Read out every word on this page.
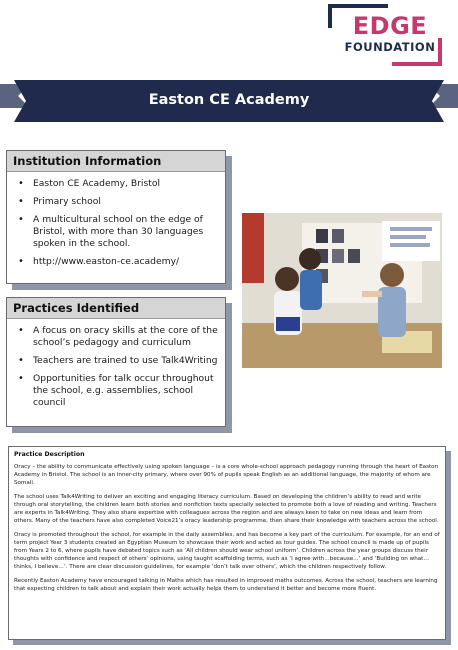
EDGE
FOUNDATION
Easton CE Academy
Institution Information
• Easton CE Academy, Bristol
• Primary school
• A multicultural school on the edge of Bristol, with more than 30 languages spoken in the school.
• http://www.easton-ce.academy/
Practices Identified
• A focus on oracy skills at the core of the school’s pedagogy and curriculum
• Teachers are trained to use Talk4Writing
• Opportunities for talk occur throughout the school, e.g. assemblies, school council
Practice Description

Oracy – the ability to communicate effectively using spoken language – is a core whole-school approach pedagogy running through the heart of Easton Academy in Bristol. The school is an inner-city primary, where over 90% of pupils speak English as an additional language, the majority of whom are Somali.

The school uses Talk4Writing to deliver an exciting and engaging literacy curriculum. Based on developing the children’s ability to read and write through oral storytelling, the children learn both stories and nonfiction texts specially selected to promote both a love of reading and writing. Teachers are experts in Talk4Writing. They also share expertise with colleagues across the region and are always keen to take on new ideas and learn from others. Many of the teachers have also completed Voice21’s oracy leadership programme, then share their knowledge with teachers across the school.

Oracy is promoted throughout the school, for example in the daily assemblies, and has become a key part of the curriculum. For example, for an end of term project Year 3 students created an Egyptian Museum to showcase their work and acted as tour guides. The school council is made up of pupils from Years 2 to 6, where pupils have debated topics such as ‘All children should wear school uniform’. Children across the year groups discuss their thoughts with confidence and respect of others’ opinions, using taught scaffolding terms, such as ‘I agree with…because…’ and ‘Building on what…thinks, I believe…’. There are clear discussion guidelines, for example ‘don’t talk over others’, which the children respectively follow.

Recently Easton Academy have encouraged talking in Maths which has resulted in improved maths outcomes. Across the school, teachers are learning that expecting children to talk about and explain their work actually helps them to understand it better and become more fluent.
